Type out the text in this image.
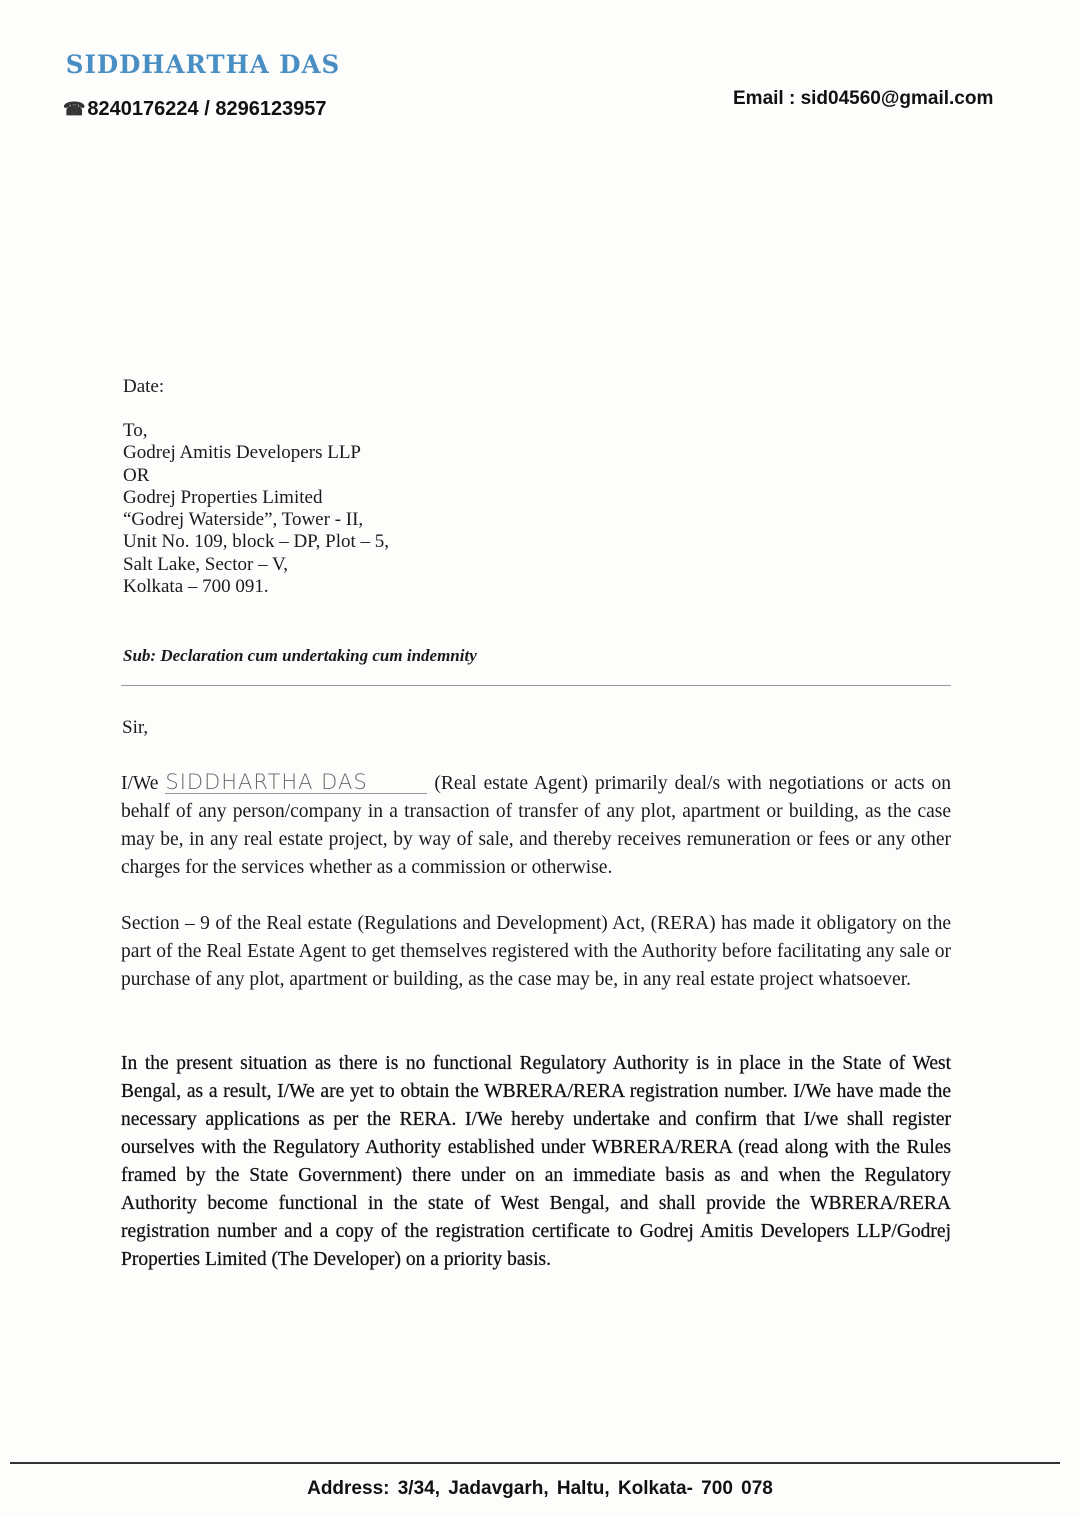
SIDDHARTHA DAS
☎ 8240176224 / 8296123957	Email : sid04560@gmail.com
Date:
To,
Godrej Amitis Developers LLP
OR
Godrej Properties Limited
“Godrej Waterside”, Tower - II,
Unit No. 109, block – DP, Plot – 5,
Salt Lake, Sector – V,
Kolkata – 700 091.
Sub: Declaration cum undertaking cum indemnity
Sir,
I/We SIDDHARTHA DAS	(Real estate Agent) primarily deal/s with negotiations or acts on behalf of any person/company in a transaction of transfer of any plot, apartment or building, as the case may be, in any real estate project, by way of sale, and thereby receives remuneration or fees or any other charges for the services whether as a commission or otherwise.
Section – 9 of the Real estate (Regulations and Development) Act, (RERA) has made it obligatory on the part of the Real Estate Agent to get themselves registered with the Authority before facilitating any sale or purchase of any plot, apartment or building, as the case may be, in any real estate project whatsoever.
In the present situation as there is no functional Regulatory Authority is in place in the State of West Bengal, as a result, I/We are yet to obtain the WBRERA/RERA registration number. I/We have made the necessary applications as per the RERA. I/We hereby undertake and confirm that I/we shall register ourselves with the Regulatory Authority established under WBRERA/RERA (read along with the Rules framed by the State Government) there under on an immediate basis as and when the Regulatory Authority become functional in the state of West Bengal, and shall provide the WBRERA/RERA registration number and a copy of the registration certificate to Godrej Amitis Developers LLP/Godrej Properties Limited (The Developer) on a priority basis.
Address: 3/34, Jadavgarh, Haltu, Kolkata- 700 078
